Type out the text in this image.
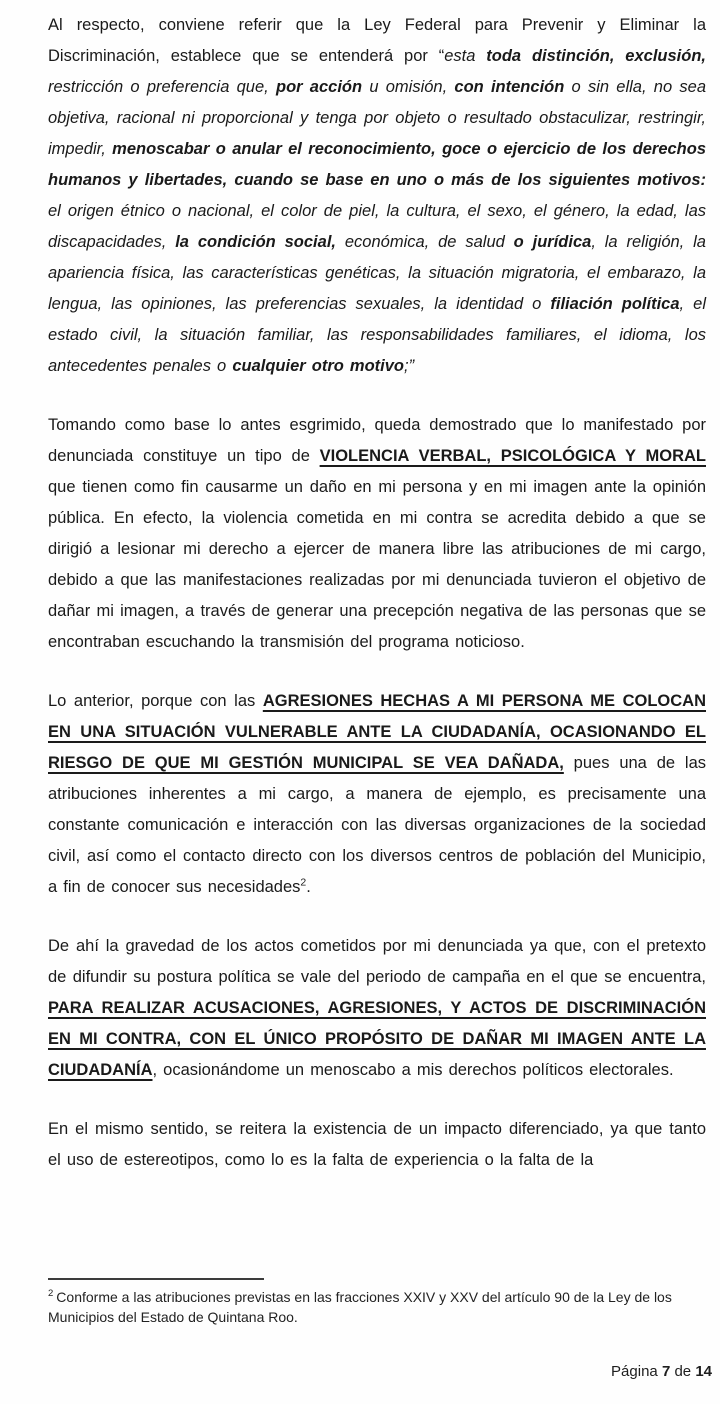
Al respecto, conviene referir que la Ley Federal para Prevenir y Eliminar la Discriminación, establece que se entenderá por “esta toda distinción, exclusión, restricción o preferencia que, por acción u omisión, con intención o sin ella, no sea objetiva, racional ni proporcional y tenga por objeto o resultado obstaculizar, restringir, impedir, menoscabar o anular el reconocimiento, goce o ejercicio de los derechos humanos y libertades, cuando se base en uno o más de los siguientes motivos: el origen étnico o nacional, el color de piel, la cultura, el sexo, el género, la edad, las discapacidades, la condición social, económica, de salud o jurídica, la religión, la apariencia física, las características genéticas, la situación migratoria, el embarazo, la lengua, las opiniones, las preferencias sexuales, la identidad o filiación política, el estado civil, la situación familiar, las responsabilidades familiares, el idioma, los antecedentes penales o cualquier otro motivo;”

Tomando como base lo antes esgrimido, queda demostrado que lo manifestado por denunciada constituye un tipo de VIOLENCIA VERBAL, PSICOLÓGICA Y MORAL que tienen como fin causarme un daño en mi persona y en mi imagen ante la opinión pública. En efecto, la violencia cometida en mi contra se acredita debido a que se dirigió a lesionar mi derecho a ejercer de manera libre las atribuciones de mi cargo, debido a que las manifestaciones realizadas por mi denunciada tuvieron el objetivo de dañar mi imagen, a través de generar una precepción negativa de las personas que se encontraban escuchando la transmisión del programa noticioso.

Lo anterior, porque con las AGRESIONES HECHAS A MI PERSONA ME COLOCAN EN UNA SITUACIÓN VULNERABLE ANTE LA CIUDADANÍA, OCASIONANDO EL RIESGO DE QUE MI GESTIÓN MUNICIPAL SE VEA DAÑADA, pues una de las atribuciones inherentes a mi cargo, a manera de ejemplo, es precisamente una constante comunicación e interacción con las diversas organizaciones de la sociedad civil, así como el contacto directo con los diversos centros de población del Municipio, a fin de conocer sus necesidades$^2$.

De ahí la gravedad de los actos cometidos por mi denunciada ya que, con el pretexto de difundir su postura política se vale del periodo de campaña en el que se encuentra, PARA REALIZAR ACUSACIONES, AGRESIONES, Y ACTOS DE DISCRIMINACIÓN EN MI CONTRA, CON EL ÚNICO PROPÓSITO DE DAÑAR MI IMAGEN ANTE LA CIUDADANÍA, ocasionándome un menoscabo a mis derechos políticos electorales.

En el mismo sentido, se reitera la existencia de un impacto diferenciado, ya que tanto el uso de estereotipos, como lo es la falta de experiencia o la falta de la

$^2$ Conforme a las atribuciones previstas en las fracciones XXIV y XXV del artículo 90 de la Ley de los Municipios del Estado de Quintana Roo.
Página 7 de 14
